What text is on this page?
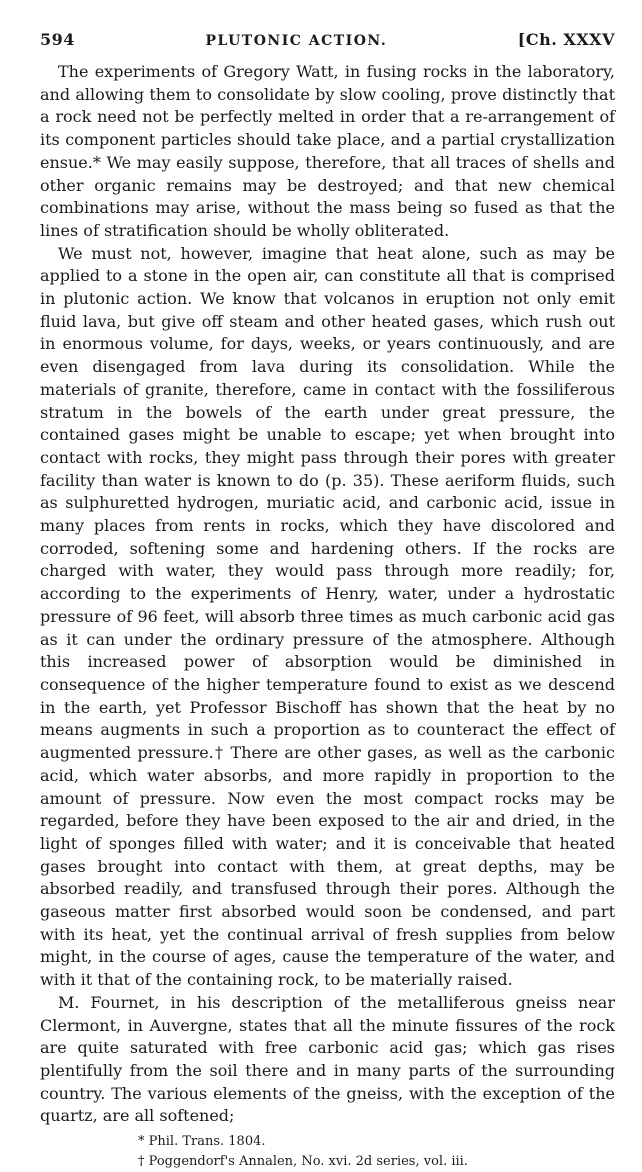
594	PLUTONIC ACTION.	[Ch. XXXV

The experiments of Gregory Watt, in fusing rocks in the laboratory, and allowing them to consolidate by slow cooling, prove distinctly that a rock need not be perfectly melted in order that a re-arrangement of its component particles should take place, and a partial crystallization ensue.* We may easily suppose, therefore, that all traces of shells and other organic remains may be destroyed; and that new chemical combinations may arise, without the mass being so fused as that the lines of stratification should be wholly obliterated.

We must not, however, imagine that heat alone, such as may be applied to a stone in the open air, can constitute all that is comprised in plutonic action. We know that volcanos in eruption not only emit fluid lava, but give off steam and other heated gases, which rush out in enormous volume, for days, weeks, or years continuously, and are even disengaged from lava during its consolidation. While the materials of granite, therefore, came in contact with the fossiliferous stratum in the bowels of the earth under great pressure, the contained gases might be unable to escape; yet when brought into contact with rocks, they might pass through their pores with greater facility than water is known to do (p. 35). These aeriform fluids, such as sulphuretted hydrogen, muriatic acid, and carbonic acid, issue in many places from rents in rocks, which they have discolored and corroded, softening some and hardening others. If the rocks are charged with water, they would pass through more readily; for, according to the experiments of Henry, water, under a hydrostatic pressure of 96 feet, will absorb three times as much carbonic acid gas as it can under the ordinary pressure of the atmosphere. Although this increased power of absorption would be diminished in consequence of the higher temperature found to exist as we descend in the earth, yet Professor Bischoff has shown that the heat by no means augments in such a proportion as to counteract the effect of augmented pressure.† There are other gases, as well as the carbonic acid, which water absorbs, and more rapidly in proportion to the amount of pressure. Now even the most compact rocks may be regarded, before they have been exposed to the air and dried, in the light of sponges filled with water; and it is conceivable that heated gases brought into contact with them, at great depths, may be absorbed readily, and transfused through their pores. Although the gaseous matter first absorbed would soon be condensed, and part with its heat, yet the continual arrival of fresh supplies from below might, in the course of ages, cause the temperature of the water, and with it that of the containing rock, to be materially raised.

M. Fournet, in his description of the metalliferous gneiss near Clermont, in Auvergne, states that all the minute fissures of the rock are quite saturated with free carbonic acid gas; which gas rises plentifully from the soil there and in many parts of the surrounding country. The various elements of the gneiss, with the exception of the quartz, are all softened;

* Phil. Trans. 1804.
† Poggendorf's Annalen, No. xvi. 2d series, vol. iii.
